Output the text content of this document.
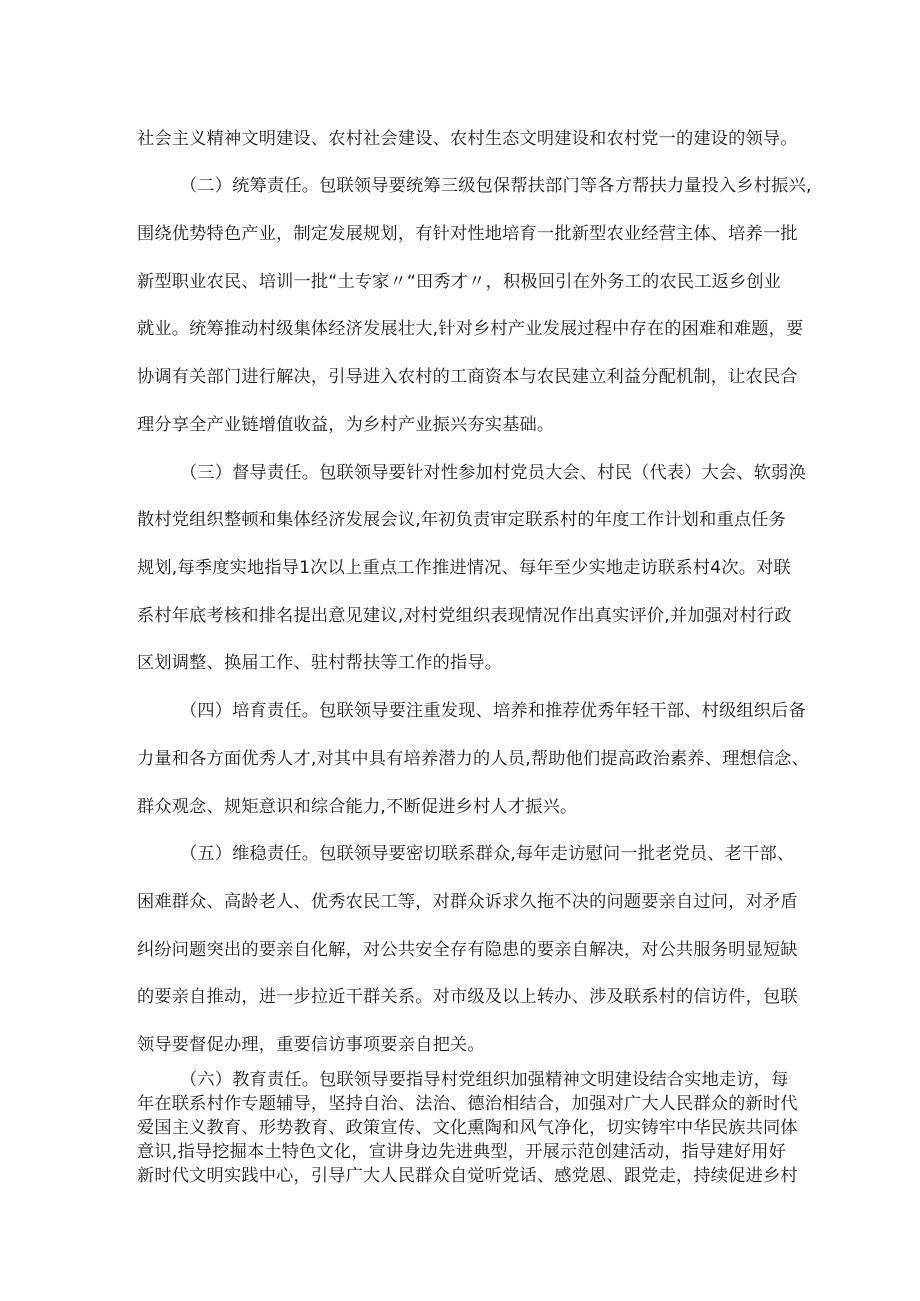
社会主义精神文明建设、农村社会建设、农村生态文明建设和农村党一的建设的领导。
（二）统筹责任。包联领导要统筹三级包保帮扶部门等各方帮扶力量投入乡村振兴,
围绕优势特色产业，制定发展规划，有针对性地培育一批新型农业经营主体、培养一批
新型职业农民、培训一批“土专家〃“田秀才〃，积极回引在外务工的农民工返乡创业
就业。统筹推动村级集体经济发展壮大,针对乡村产业发展过程中存在的困难和难题，要
协调有关部门进行解决，引导进入农村的工商资本与农民建立利益分配机制，让农民合
理分享全产业链增值收益，为乡村产业振兴夯实基础。
（三）督导责任。包联领导要针对性参加村党员大会、村民（代表）大会、软弱涣
散村党组织整顿和集体经济发展会议,年初负责审定联系村的年度工作计划和重点任务
规划,每季度实地指导1次以上重点工作推进情况、每年至少实地走访联系村4次。对联
系村年底考核和排名提出意见建议,对村党组织表现情况作出真实评价,并加强对村行政
区划调整、换届工作、驻村帮扶等工作的指导。
（四）培育责任。包联领导要注重发现、培养和推荐优秀年轻干部、村级组织后备
力量和各方面优秀人才,对其中具有培养潜力的人员,帮助他们提高政治素养、理想信念、
群众观念、规矩意识和综合能力,不断促进乡村人才振兴。
（五）维稳责任。包联领导要密切联系群众,每年走访慰问一批老党员、老干部、
困难群众、高龄老人、优秀农民工等，对群众诉求久拖不决的问题要亲自过问，对矛盾
纠纷问题突出的要亲自化解，对公共安全存有隐患的要亲自解决，对公共服务明显短缺
的要亲自推动，进一步拉近干群关系。对市级及以上转办、涉及联系村的信访件，包联
领导要督促办理，重要信访事项要亲自把关。
（六）教育责任。包联领导要指导村党组织加强精神文明建设结合实地走访，每
年在联系村作专题辅导，坚持自治、法治、德治相结合，加强对广大人民群众的新时代
爱国主义教育、形势教育、政策宣传、文化熏陶和风气净化，切实铸牢中华民族共同体
意识,指导挖掘本土特色文化，宣讲身边先进典型，开展示范创建活动，指导建好用好
新时代文明实践中心，引导广大人民群众自觉听党话、感党恩、跟党走，持续促进乡村
